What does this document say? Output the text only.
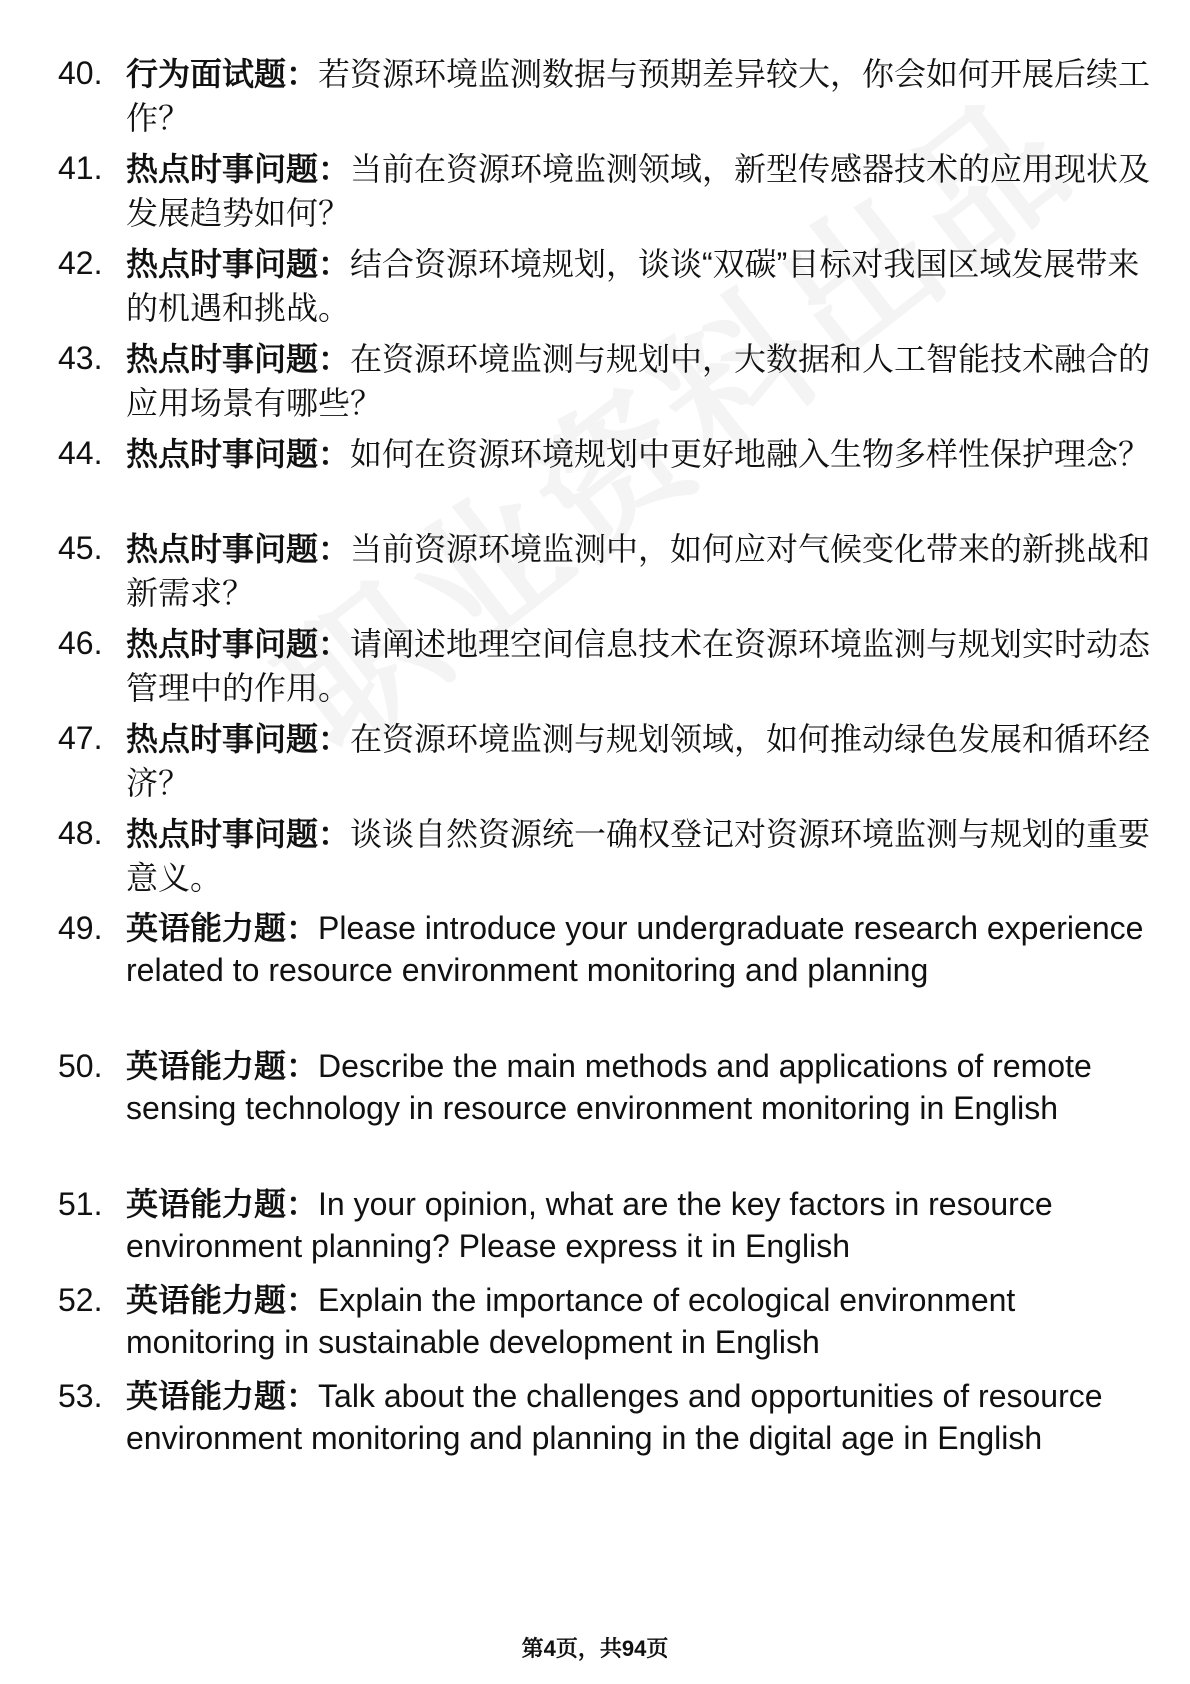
40. 行为面试题：若资源环境监测数据与预期差异较大，你会如何开展后续工作？
41. 热点时事问题：当前在资源环境监测领域，新型传感器技术的应用现状及发展趋势如何？
42. 热点时事问题：结合资源环境规划，谈谈“双碳”目标对我国区域发展带来的机遇和挑战。
43. 热点时事问题：在资源环境监测与规划中，大数据和人工智能技术融合的应用场景有哪些？
44. 热点时事问题：如何在资源环境规划中更好地融入生物多样性保护理念？
45. 热点时事问题：当前资源环境监测中，如何应对气候变化带来的新挑战和新需求？
46. 热点时事问题：请阐述地理空间信息技术在资源环境监测与规划实时动态管理中的作用。
47. 热点时事问题：在资源环境监测与规划领域，如何推动绿色发展和循环经济？
48. 热点时事问题：谈谈自然资源统一确权登记对资源环境监测与规划的重要意义。
49. 英语能力题：Please introduce your undergraduate research experience related to resource environment monitoring and planning
50. 英语能力题：Describe the main methods and applications of remote sensing technology in resource environment monitoring in English
51. 英语能力题：In your opinion, what are the key factors in resource environment planning? Please express it in English
52. 英语能力题：Explain the importance of ecological environment monitoring in sustainable development in English
53. 英语能力题：Talk about the challenges and opportunities of resource environment monitoring and planning in the digital age in English
第4页，共94页
